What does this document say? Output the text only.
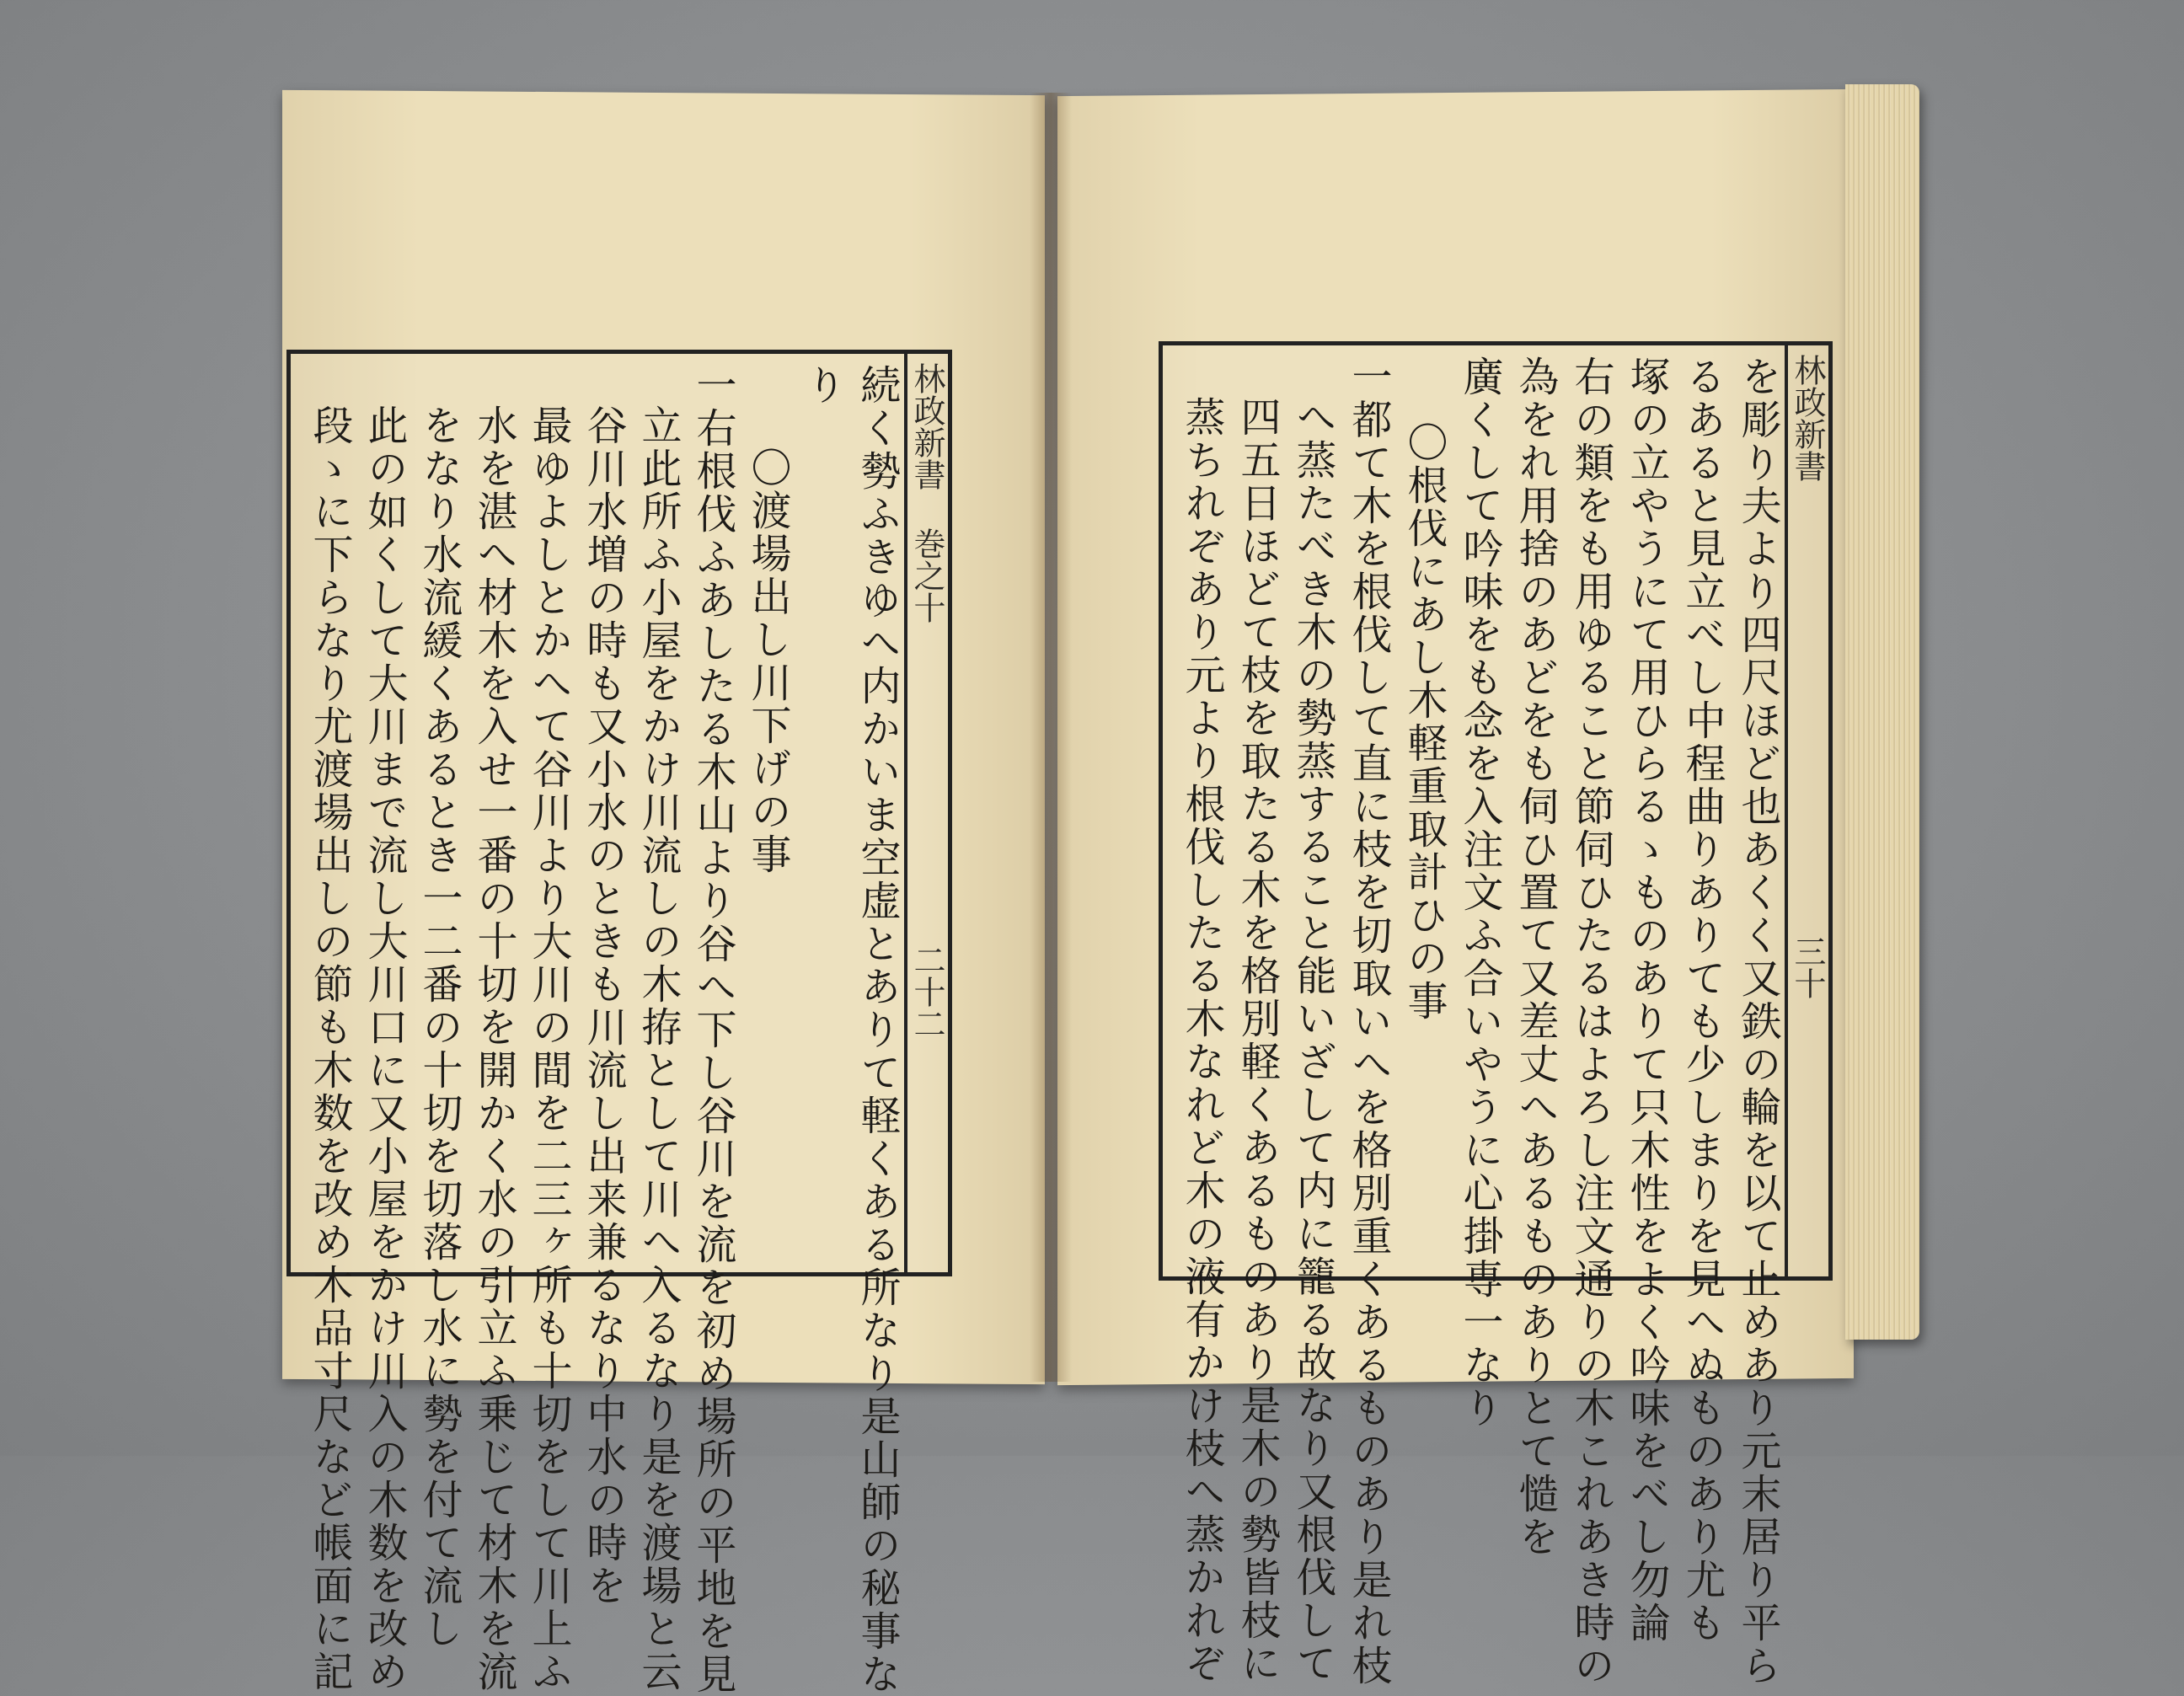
林政新書 巻之十
二十二
続く勢ふきゆへ内かいま空虚とありて軽くある所なり是山師の秘事な
り
〇渡場出し川下げの事
一右根伐ふあしたる木山より谷へ下し谷川を流を初め場所の平地を見
立此所ふ小屋をかけ川流しの木拵として川へ入るなり是を渡場と云
谷川水増の時も又小水のときも川流し出来兼るなり中水の時を
最ゆよしとかへて谷川より大川の間を二三ヶ所も十切をして川上ふ
水を湛へ材木を入せ一番の十切を開かく水の引立ふ乗じて材木を流
をなり水流緩くあるとき一二番の十切を切落し水に勢を付て流し
此の如くして大川まで流し大川口に又小屋をかけ川入の木数を改め
段ゝに下らなり尤渡場出しの節も木数を改め木品寸尺など帳面に記	林政新書
三十
を彫り夫より四尺ほど也あくく又鉄の輪を以て止めあり元末居り平ら
るあると見立べし中程曲りありても少しまりを見へぬものあり尤も
塚の立やうにて用ひらるゝものありて只木性をよく吟味をべし勿論
右の類をも用ゆること節伺ひたるはよろし注文通りの木これあき時の
為をれ用捨のあどをも伺ひ置て又差丈へあるものありとて慥を
廣くして吟味をも念を入注文ふ合いやうに心掛専一なり
〇根伐にあし木軽重取計ひの事
一都て木を根伐して直に枝を切取いへを格別重くあるものあり是れ枝
へ蒸たべき木の勢蒸すること能いざして内に籠る故なり又根伐して
四五日ほどて枝を取たる木を格別軽くあるものあり是木の勢皆枝に
蒸ちれぞあり元より根伐したる木なれど木の液有かけ枝へ蒸かれぞ
